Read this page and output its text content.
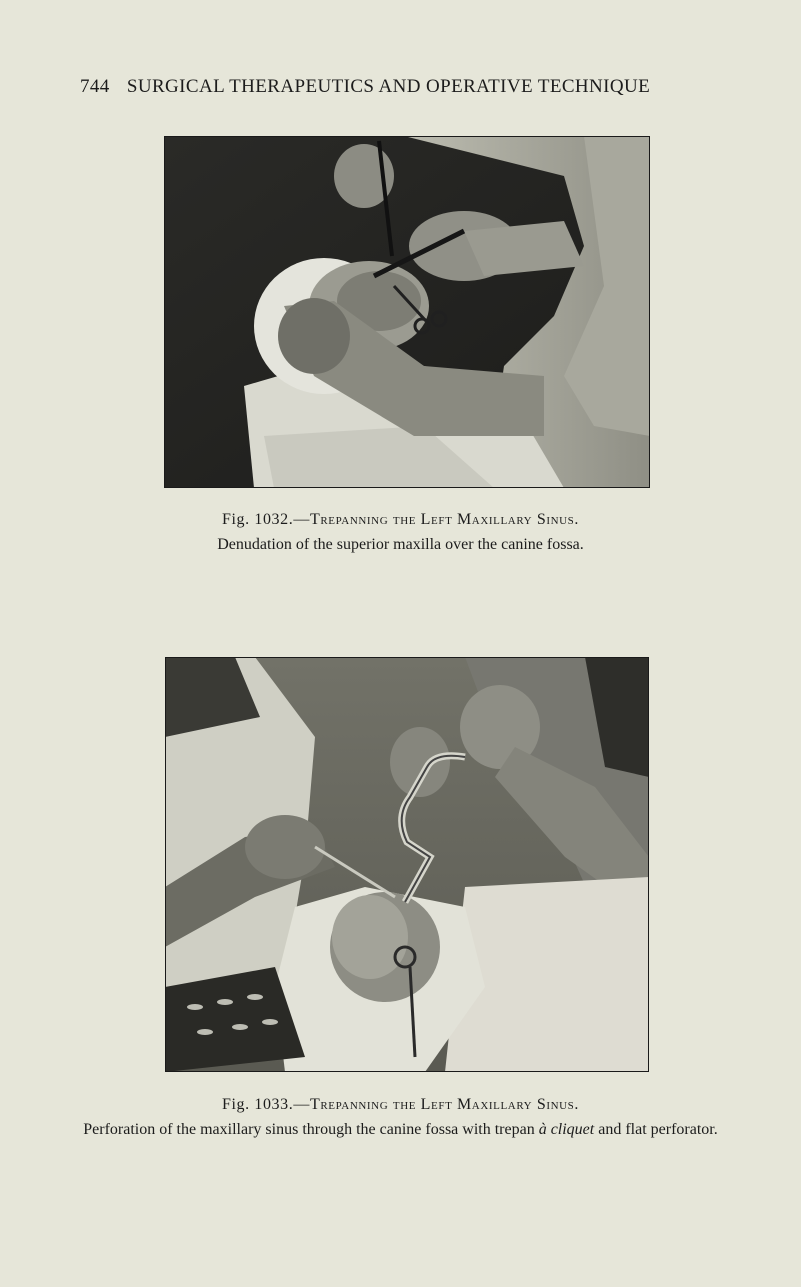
744 SURGICAL THERAPEUTICS AND OPERATIVE TECHNIQUE
Fig. 1032.—Trepanning the Left Maxillary Sinus.
Denudation of the superior maxilla over the canine fossa.
Fig. 1033.—Trepanning the Left Maxillary Sinus.
Perforation of the maxillary sinus through the canine fossa with trepan à cliquet and flat perforator.
